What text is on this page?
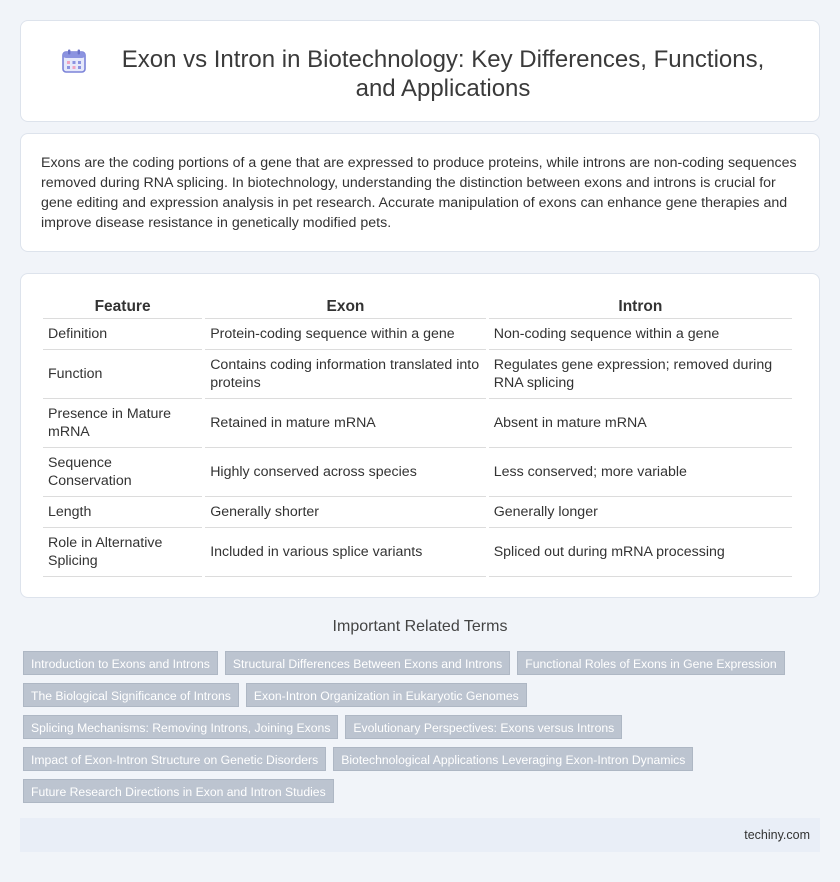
Exon vs Intron in Biotechnology: Key Differences, Functions, and Applications

Exons are the coding portions of a gene that are expressed to produce proteins, while introns are non-coding sequences removed during RNA splicing. In biotechnology, understanding the distinction between exons and introns is crucial for gene editing and expression analysis in pet research. Accurate manipulation of exons can enhance gene therapies and improve disease resistance in genetically modified pets.

Feature	Exon	Intron
Definition	Protein-coding sequence within a gene	Non-coding sequence within a gene
Function	Contains coding information translated into proteins	Regulates gene expression; removed during RNA splicing
Presence in Mature mRNA	Retained in mature mRNA	Absent in mature mRNA
Sequence Conservation	Highly conserved across species	Less conserved; more variable
Length	Generally shorter	Generally longer
Role in Alternative Splicing	Included in various splice variants	Spliced out during mRNA processing
Important Related Terms
Introduction to Exons and Introns	Structural Differences Between Exons and Introns	Functional Roles of Exons in Gene Expression
The Biological Significance of Introns	Exon-Intron Organization in Eukaryotic Genomes
Splicing Mechanisms: Removing Introns, Joining Exons	Evolutionary Perspectives: Exons versus Introns
Impact of Exon-Intron Structure on Genetic Disorders	Biotechnological Applications Leveraging Exon-Intron Dynamics
Future Research Directions in Exon and Intron Studies
techiny.com
